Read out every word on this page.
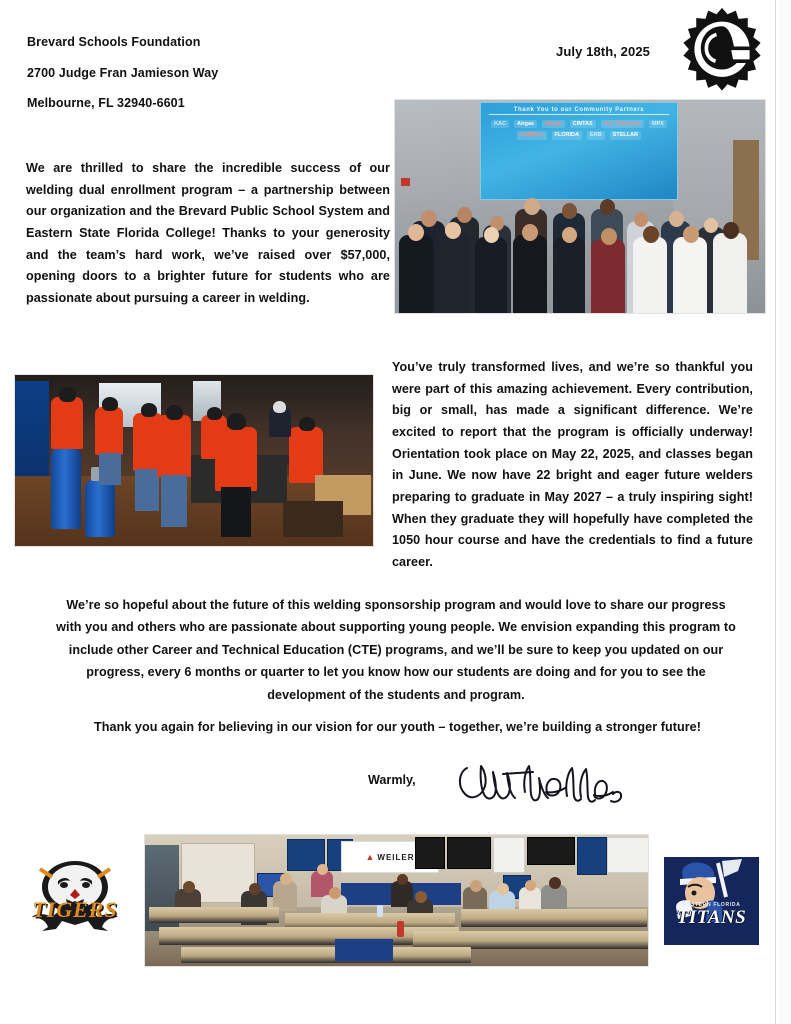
Brevard Schools Foundation
2700 Judge Fran Jamieson Way
Melbourne, FL 32940-6601
July 18th, 2025
Thank You to our Community Partners
KAC	Airgas	Mazak	CINTAS	U.S. Electrode	MPX
CAMPEY	FLORIDA	ERB	STELLAR
We are thrilled to share the incredible success of our welding dual enrollment program – a partnership between our organization and the Brevard Public School System and Eastern State Florida College! Thanks to your generosity and the team’s hard work, we’ve raised over $57,000, opening doors to a brighter future for students who are passionate about pursuing a career in welding.
You’ve truly transformed lives, and we’re so thankful you were part of this amazing achievement. Every contribution, big or small, has made a significant difference. We’re excited to report that the program is officially underway! Orientation took place on May 22, 2025, and classes began in June. We now have 22 bright and eager future welders preparing to graduate in May 2027 – a truly inspiring sight! When they graduate they will hopefully have completed the 1050 hour course and have the credentials to find a future career.
We’re so hopeful about the future of this welding sponsorship program and would love to share our progress with you and others who are passionate about supporting young people. We envision expanding this program to include other Career and Technical Education (CTE) programs, and we’ll be sure to keep you updated on our progress, every 6 months or quarter to let you know how our students are doing and for you to see the development of the students and program.
Thank you again for believing in our vision for our youth – together, we’re building a stronger future!
Warmly,
TIGERS	EASTERN FLORIDA
TITANS
▲ WEILER
